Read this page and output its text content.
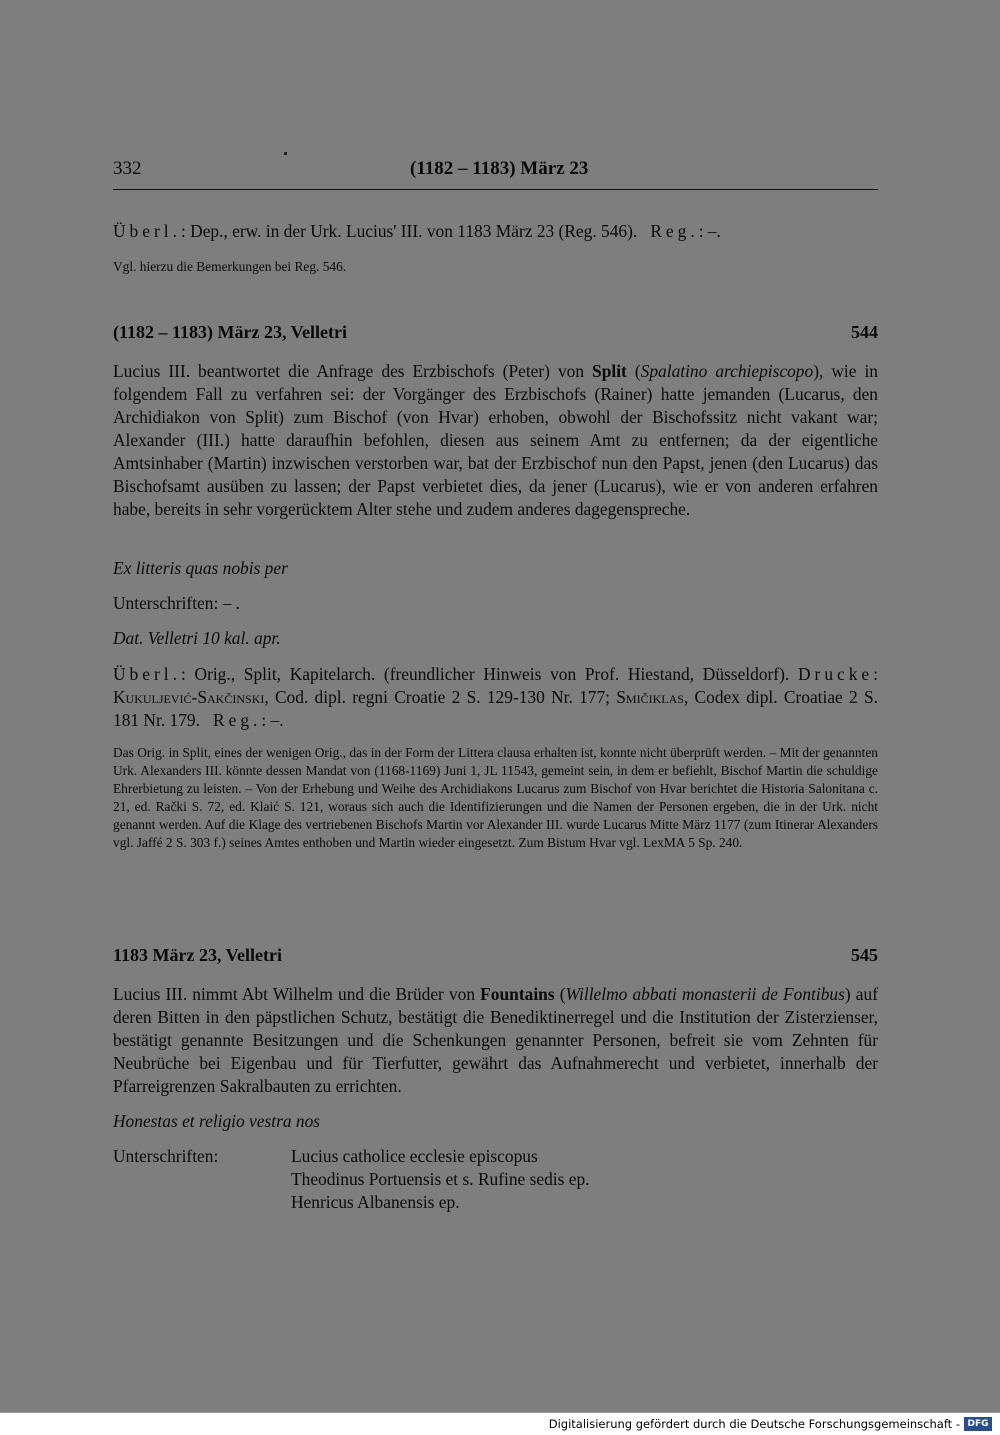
332	(1182 – 1183) März 23

Überl.: Dep., erw. in der Urk. Lucius' III. von 1183 März 23 (Reg. 546). Reg.: –.

Vgl. hierzu die Bemerkungen bei Reg. 546.

(1182 – 1183) März 23, Velletri	544

Lucius III. beantwortet die Anfrage des Erzbischofs (Peter) von Split (Spalatino archiepiscopo), wie in folgendem Fall zu verfahren sei: der Vorgänger des Erzbischofs (Rainer) hatte jemanden (Lucarus, den Archidiakon von Split) zum Bischof (von Hvar) erhoben, obwohl der Bischofssitz nicht vakant war; Alexander (III.) hatte daraufhin befohlen, diesen aus seinem Amt zu entfernen; da der eigentliche Amtsinhaber (Martin) inzwischen verstorben war, bat der Erzbischof nun den Papst, jenen (den Lucarus) das Bischofsamt ausüben zu lassen; der Papst verbietet dies, da jener (Lucarus), wie er von anderen erfahren habe, bereits in sehr vorgerücktem Alter stehe und zudem anderes dagegenspreche.

Ex litteris quas nobis per

Unterschriften: – .

Dat. Velletri 10 kal. apr.

Überl.: Orig., Split, Kapitelarch. (freundlicher Hinweis von Prof. Hiestand, Düsseldorf). Drucke: Kukuljević-Sakčinski, Cod. dipl. regni Croatie 2 S. 129-130 Nr. 177; Smičiklas, Codex dipl. Croatiae 2 S. 181 Nr. 179. Reg.: –.

Das Orig. in Split, eines der wenigen Orig., das in der Form der Littera clausa erhalten ist, konnte nicht überprüft werden. – Mit der genannten Urk. Alexanders III. könnte dessen Mandat von (1168-1169) Juni 1, JL 11543, gemeint sein, in dem er befiehlt, Bischof Martin die schuldige Ehrerbietung zu leisten. – Von der Erhebung und Weihe des Archidiakons Lucarus zum Bischof von Hvar berichtet die Historia Salonitana c. 21, ed. Rački S. 72, ed. Klaić S. 121, woraus sich auch die Identifizierungen und die Namen der Personen ergeben, die in der Urk. nicht genannt werden. Auf die Klage des vertriebenen Bischofs Martin vor Alexander III. wurde Lucarus Mitte März 1177 (zum Itinerar Alexanders vgl. Jaffé 2 S. 303 f.) seines Amtes enthoben und Martin wieder eingesetzt. Zum Bistum Hvar vgl. LexMA 5 Sp. 240.

1183 März 23, Velletri	545

Lucius III. nimmt Abt Wilhelm und die Brüder von Fountains (Willelmo abbati monasterii de Fontibus) auf deren Bitten in den päpstlichen Schutz, bestätigt die Benediktinerregel und die Institution der Zisterzienser, bestätigt genannte Besitzungen und die Schenkungen genannter Personen, befreit sie vom Zehnten für Neubrüche bei Eigenbau und für Tierfutter, gewährt das Aufnahmerecht und verbietet, innerhalb der Pfarreigrenzen Sakralbauten zu errichten.

Honestas et religio vestra nos

Unterschriften:	Lucius catholice ecclesie episcopus
Theodinus Portuensis et s. Rufine sedis ep.
Henricus Albanensis ep.
Digitalisierung gefördert durch die Deutsche Forschungsgemeinschaft - DFG
